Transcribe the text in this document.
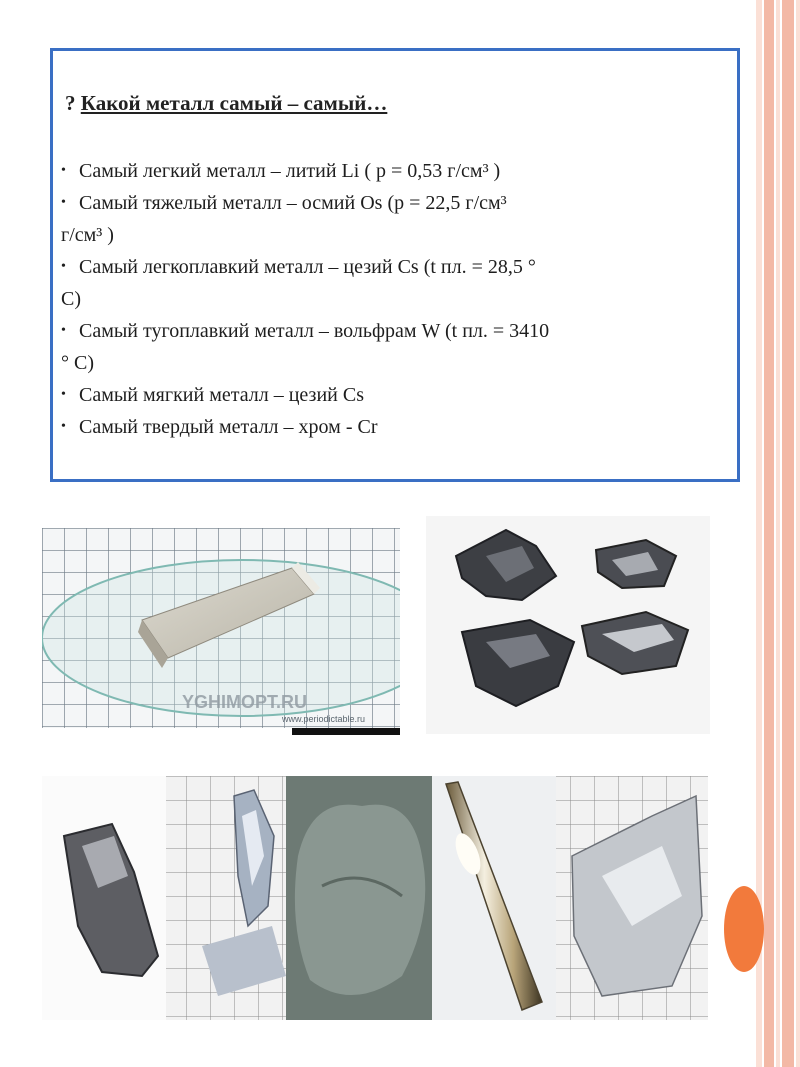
? Какой металл самый – самый…
• Самый легкий металл – литий Li ( р = 0,53 г/см³ )
• Самый тяжелый металл – осмий Os (р = 22,5 г/см³
г/см³ )
• Самый легкоплавкий металл – цезий Cs (t пл. = 28,5 °
С)
• Самый тугоплавкий металл – вольфрам W (t пл. = 3410
° С)
• Самый мягкий металл – цезий Cs
• Самый твердый металл – хром - Cr
YGHIMOPT.RU
www.periodictable.ru
